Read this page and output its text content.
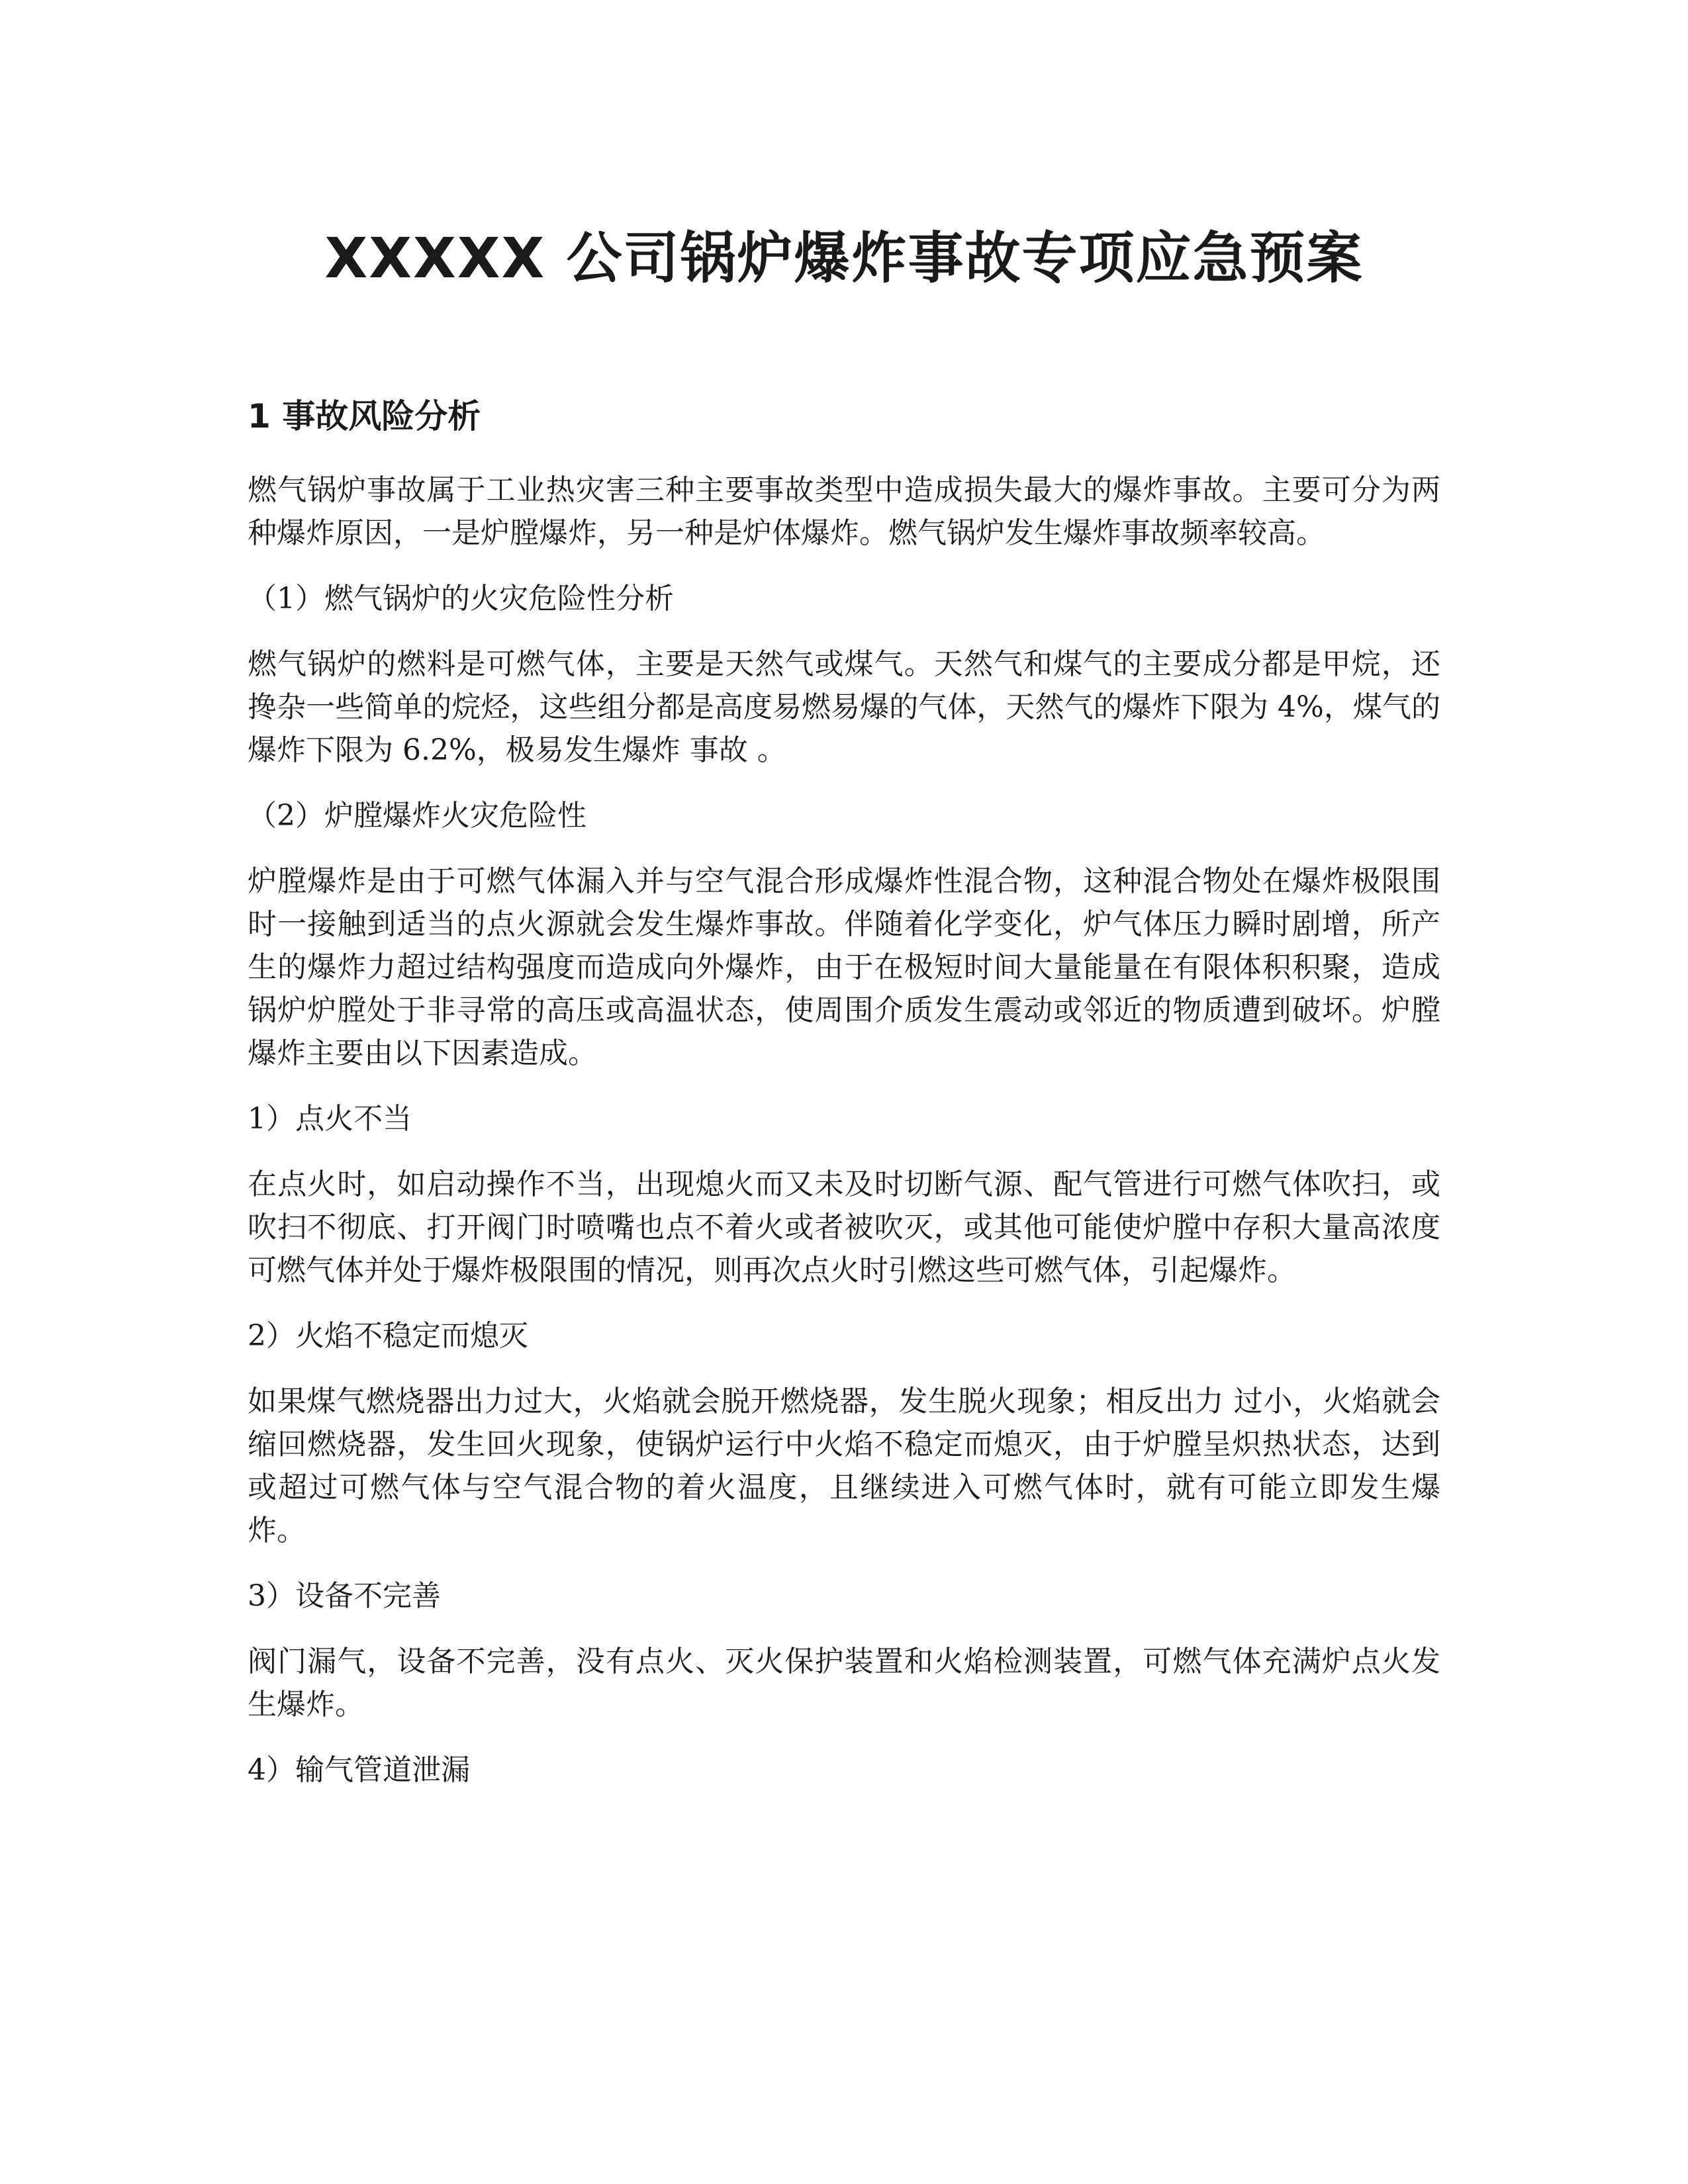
XXXXX 公司锅炉爆炸事故专项应急预案
1 事故风险分析

燃气锅炉事故属于工业热灾害三种主要事故类型中造成损失最大的爆炸事故。主要可分为两种爆炸原因，一是炉膛爆炸，另一种是炉体爆炸。燃气锅炉发生爆炸事故频率较高。

（1）燃气锅炉的火灾危险性分析

燃气锅炉的燃料是可燃气体，主要是天然气或煤气。天然气和煤气的主要成分都是甲烷，还搀杂一些简单的烷烃，这些组分都是高度易燃易爆的气体，天然气的爆炸下限为 4%，煤气的爆炸下限为 6.2%，极易发生爆炸 事故 。

（2）炉膛爆炸火灾危险性

炉膛爆炸是由于可燃气体漏入并与空气混合形成爆炸性混合物，这种混合物处在爆炸极限围时一接触到适当的点火源就会发生爆炸事故。伴随着化学变化，炉气体压力瞬时剧增，所产生的爆炸力超过结构强度而造成向外爆炸，由于在极短时间大量能量在有限体积积聚，造成锅炉炉膛处于非寻常的高压或高温状态，使周围介质发生震动或邻近的物质遭到破坏。炉膛爆炸主要由以下因素造成。

1）点火不当

在点火时，如启动操作不当，出现熄火而又未及时切断气源、配气管进行可燃气体吹扫，或吹扫不彻底、打开阀门时喷嘴也点不着火或者被吹灭，或其他可能使炉膛中存积大量高浓度可燃气体并处于爆炸极限围的情况，则再次点火时引燃这些可燃气体，引起爆炸。

2）火焰不稳定而熄灭

如果煤气燃烧器出力过大，火焰就会脱开燃烧器，发生脱火现象；相反出力 过小，火焰就会缩回燃烧器，发生回火现象，使锅炉运行中火焰不稳定而熄灭，由于炉膛呈炽热状态，达到或超过可燃气体与空气混合物的着火温度，且继续进入可燃气体时，就有可能立即发生爆炸。

3）设备不完善

阀门漏气，设备不完善，没有点火、灭火保护装置和火焰检测装置，可燃气体充满炉点火发生爆炸。

4）输气管道泄漏
